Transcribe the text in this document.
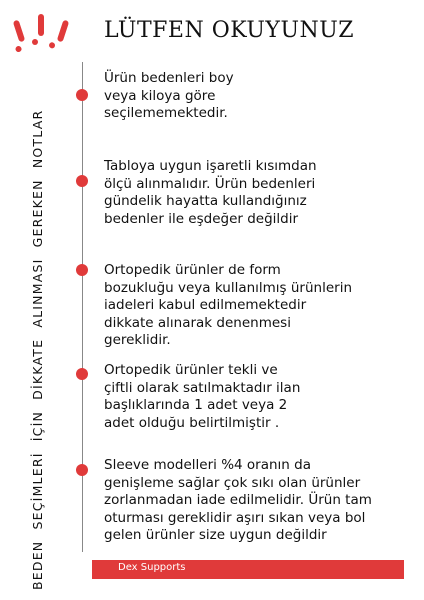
LÜTFEN OKUYUNUZ
BEDEN SEÇİMLERİ İÇİN DİKKATE ALINMASI GEREKEN NOTLAR
Ürün bedenleri boy
veya kiloya göre
seçilememektedir.
Tabloya uygun işaretli kısımdan
ölçü alınmalıdır. Ürün bedenleri
gündelik hayatta kullandığınız
bedenler ile eşdeğer değildir
Ortopedik ürünler de form
bozukluğu veya kullanılmış ürünlerin
iadeleri kabul edilmemektedir
dikkate alınarak denenmesi
gereklidir.
Ortopedik ürünler tekli ve
çiftli olarak satılmaktadır ilan
başlıklarında 1 adet veya 2
adet olduğu belirtilmiştir .
Sleeve modelleri %4 oranın da
genişleme sağlar çok sıkı olan ürünler
zorlanmadan iade edilmelidir. Ürün tam
oturması gereklidir aşırı sıkan veya bol
gelen ürünler size uygun değildir
Dex Supports
